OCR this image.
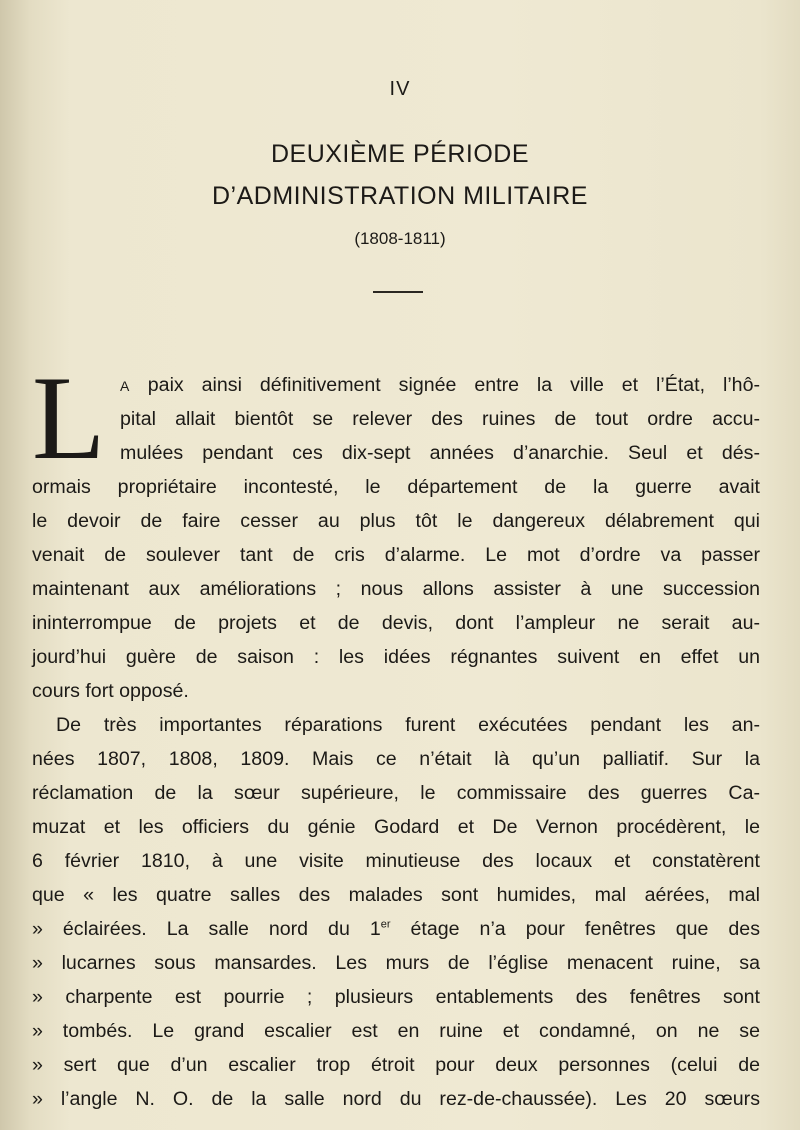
IV
DEUXIÈME PÉRIODE
D’ADMINISTRATION MILITAIRE
(1808-1811)
L A paix ainsi définitivement signée entre la ville et l’État, l’hô-
pital allait bientôt se relever des ruines de tout ordre accu-
mulées pendant ces dix-sept années d’anarchie. Seul et dés-
ormais propriétaire incontesté, le département de la guerre avait
le devoir de faire cesser au plus tôt le dangereux délabrement qui
venait de soulever tant de cris d’alarme. Le mot d’ordre va passer
maintenant aux améliorations ; nous allons assister à une succession
ininterrompue de projets et de devis, dont l’ampleur ne serait au-
jourd’hui guère de saison : les idées régnantes suivent en effet un
cours fort opposé.
De très importantes réparations furent exécutées pendant les an-
nées 1807, 1808, 1809. Mais ce n’était là qu’un palliatif. Sur la
réclamation de la sœur supérieure, le commissaire des guerres Ca-
muzat et les officiers du génie Godard et De Vernon procédèrent, le
6 février 1810, à une visite minutieuse des locaux et constatèrent
que « les quatre salles des malades sont humides, mal aérées, mal
» éclairées. La salle nord du 1er étage n’a pour fenêtres que des
» lucarnes sous mansardes. Les murs de l’église menacent ruine, sa
» charpente est pourrie ; plusieurs entablements des fenêtres sont
» tombés. Le grand escalier est en ruine et condamné, on ne se
» sert que d’un escalier trop étroit pour deux personnes (celui de
» l’angle N. O. de la salle nord du rez-de-chaussée). Les 20 sœurs
